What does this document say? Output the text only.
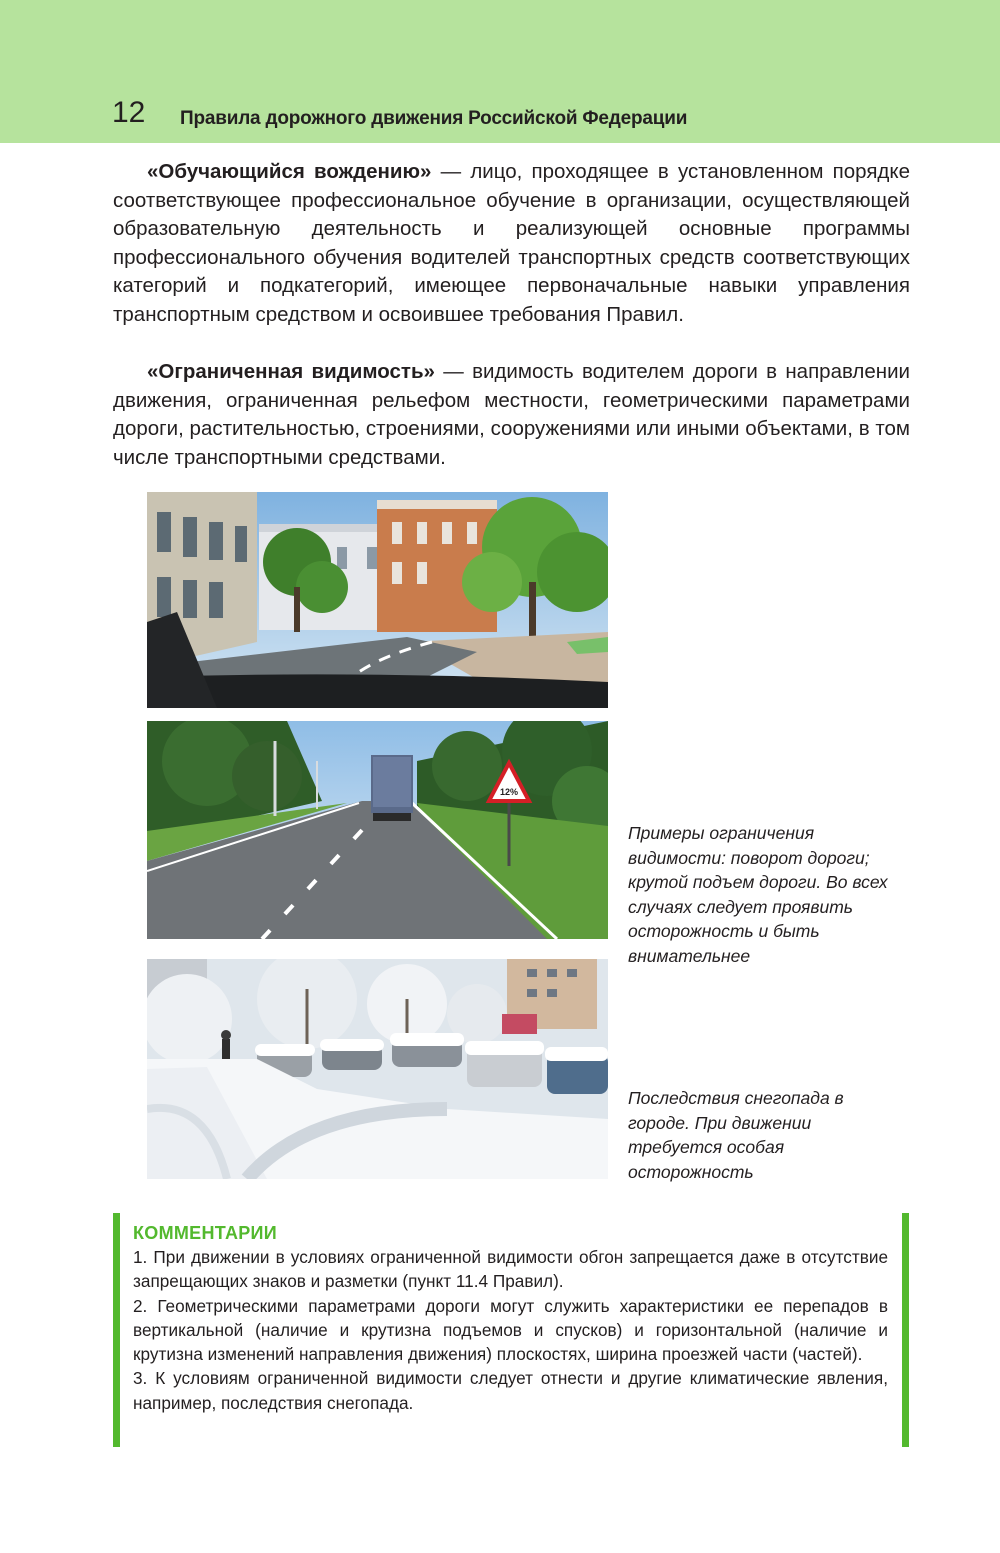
12 Правила дорожного движения Российской Федерации

«Обучающийся вождению» — лицо, проходящее в установленном порядке соответствующее профессиональное обучение в организации, осуществляющей образовательную деятельность и реализующей основные программы профессионального обучения водителей транспортных средств соответствующих категорий и подкатегорий, имеющее первоначальные навыки управления транспортным средством и освоившее требования Правил.

«Ограниченная видимость» — видимость водителем дороги в направлении движения, ограниченная рельефом местности, геометрическими параметрами дороги, растительностью, строениями, сооружениями или иными объектами, в том числе транспортными средствами.

12%
Примеры ограничения видимости: поворот дороги; крутой подъем дороги. Во всех случаях следует проявить осторожность и быть внимательнее
Последствия снегопада в городе. При движении требуется особая осторожность
КОММЕНТАРИИ

1. При движении в условиях ограниченной видимости обгон запрещается даже в отсутствие запрещающих знаков и разметки (пункт 11.4 Правил).

2. Геометрическими параметрами дороги могут служить характеристики ее перепадов в вертикальной (наличие и крутизна подъемов и спусков) и горизонтальной (наличие и крутизна изменений направления движения) плоскостях, ширина проезжей части (частей).

3. К условиям ограниченной видимости следует отнести и другие климатические явления, например, последствия снегопада.
